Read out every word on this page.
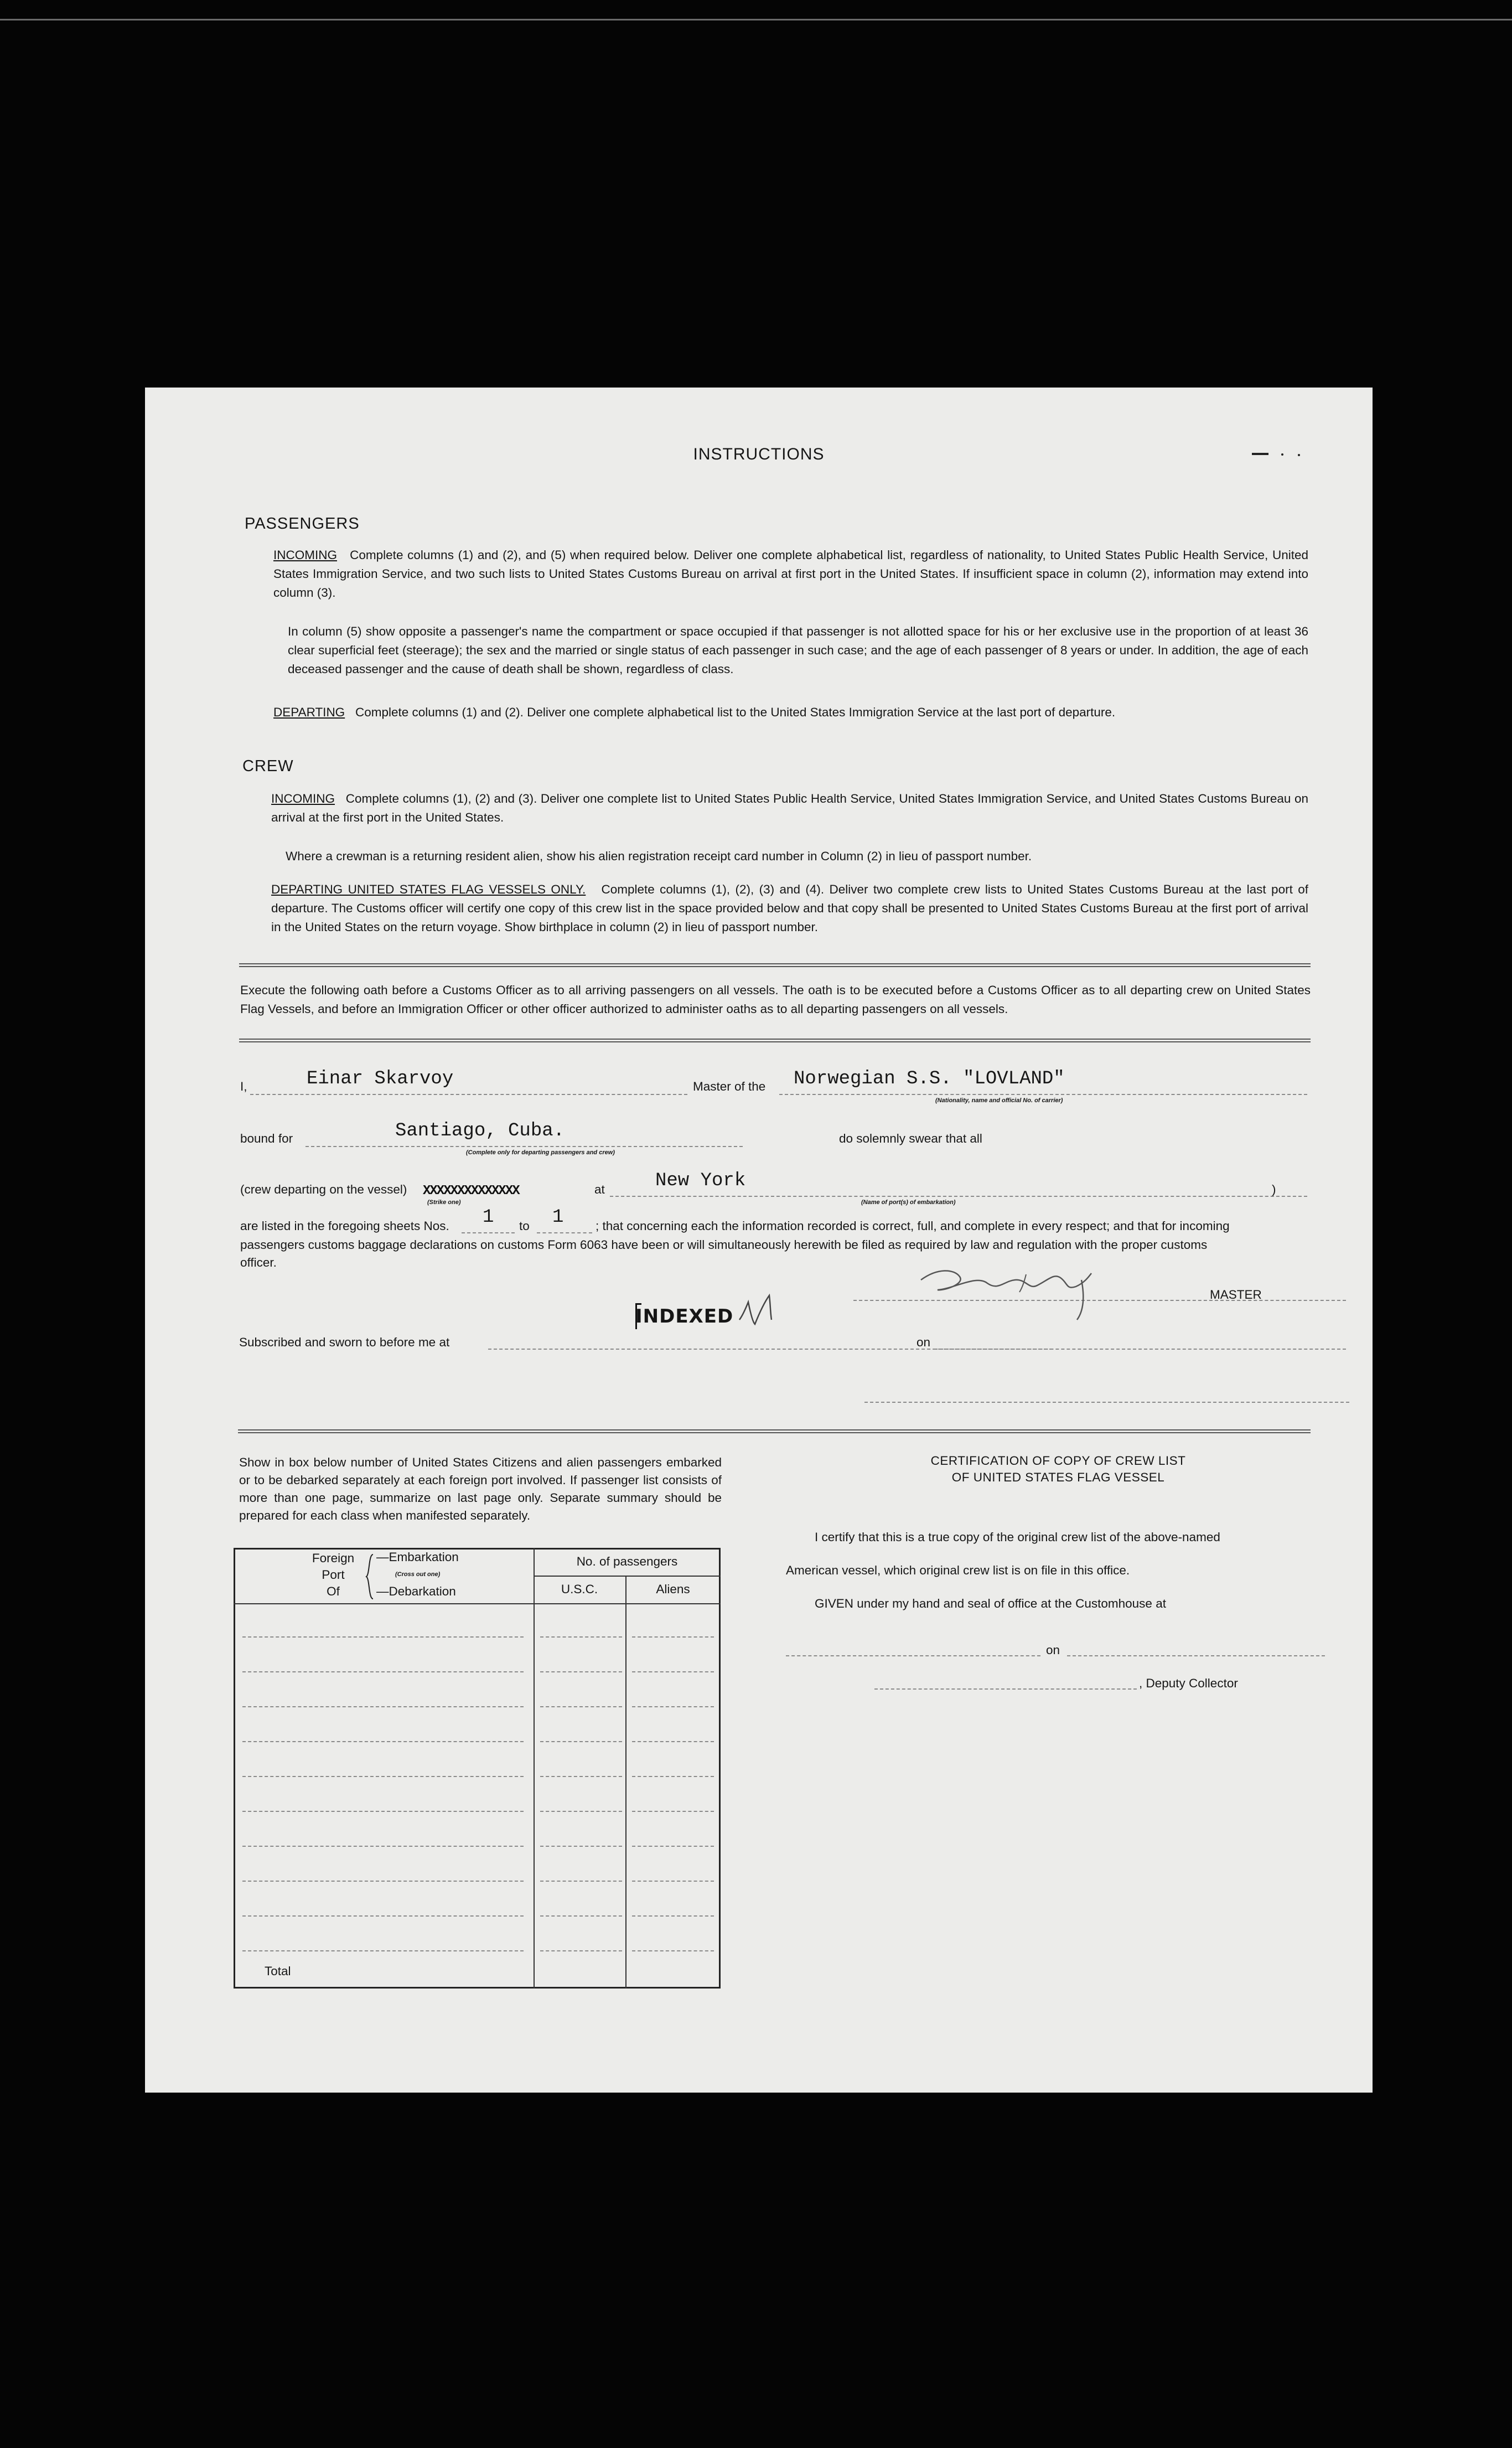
INSTRUCTIONS
PASSENGERS
INCOMING Complete columns (1) and (2), and (5) when required below. Deliver one complete alphabetical list, regardless of nationality, to United States Public Health Service, United States Immigration Service, and two such lists to United States Customs Bureau on arrival at first port in the United States. If insufficient space in column (2), information may extend into column (3).
In column (5) show opposite a passenger's name the compartment or space occupied if that passenger is not allotted space for his or her exclusive use in the proportion of at least 36 clear superficial feet (steerage); the sex and the married or single status of each passenger in such case; and the age of each passenger of 8 years or under. In addition, the age of each deceased passenger and the cause of death shall be shown, regardless of class.
DEPARTING Complete columns (1) and (2). Deliver one complete alphabetical list to the United States Immigration Service at the last port of departure.
CREW
INCOMING Complete columns (1), (2) and (3). Deliver one complete list to United States Public Health Service, United States Immigration Service, and United States Customs Bureau on arrival at the first port in the United States.
Where a crewman is a returning resident alien, show his alien registration receipt card number in Column (2) in lieu of passport number.
DEPARTING UNITED STATES FLAG VESSELS ONLY. Complete columns (1), (2), (3) and (4). Deliver two complete crew lists to United States Customs Bureau at the last port of departure. The Customs officer will certify one copy of this crew list in the space provided below and that copy shall be presented to United States Customs Bureau at the first port of arrival in the United States on the return voyage. Show birthplace in column (2) in lieu of passport number.
Execute the following oath before a Customs Officer as to all arriving passengers on all vessels. The oath is to be executed before a Customs Officer as to all departing crew on United States Flag Vessels, and before an Immigration Officer or other officer authorized to administer oaths as to all departing passengers on all vessels.
I,	Einar Skarvoy	Master of the Norwegian S.S. "LOVLAND"
(Nationality, name and official No. of carrier)
bound for	Santiago, Cuba.
(Complete only for departing passengers and crew)
do solemnly swear that all
(crew departing on the vessel) XXXXXXXXXXXXXX
(Strike one)
at	New York
(Name of port(s) of embarkation)
)
are listed in the foregoing sheets Nos. 1 to 1	; that concerning each the information recorded is correct, full, and complete in every respect; and that for incoming
passengers customs baggage declarations on customs Form 6063 have been or will simultaneously herewith be filed as required by law and regulation with the proper customs
officer.
MASTER
INDEXED
Subscribed and sworn to before me at	on
Show in box below number of United States Citizens and alien passengers embarked or to be debarked separately at each foreign port involved. If passenger list consists of more than one page, summarize on last page only. Separate summary should be prepared for each class when manifested separately.
Foreign
Port
Of
—Embarkation
(Cross out one)
—Debarkation
No. of passengers
U.S.C.	Aliens
Total
CERTIFICATION OF COPY OF CREW LIST
OF UNITED STATES FLAG VESSEL
I certify that this is a true copy of the original crew list of the above-named
American vessel, which original crew list is on file in this office.
GIVEN under my hand and seal of office at the Customhouse at
on
, Deputy Collector
